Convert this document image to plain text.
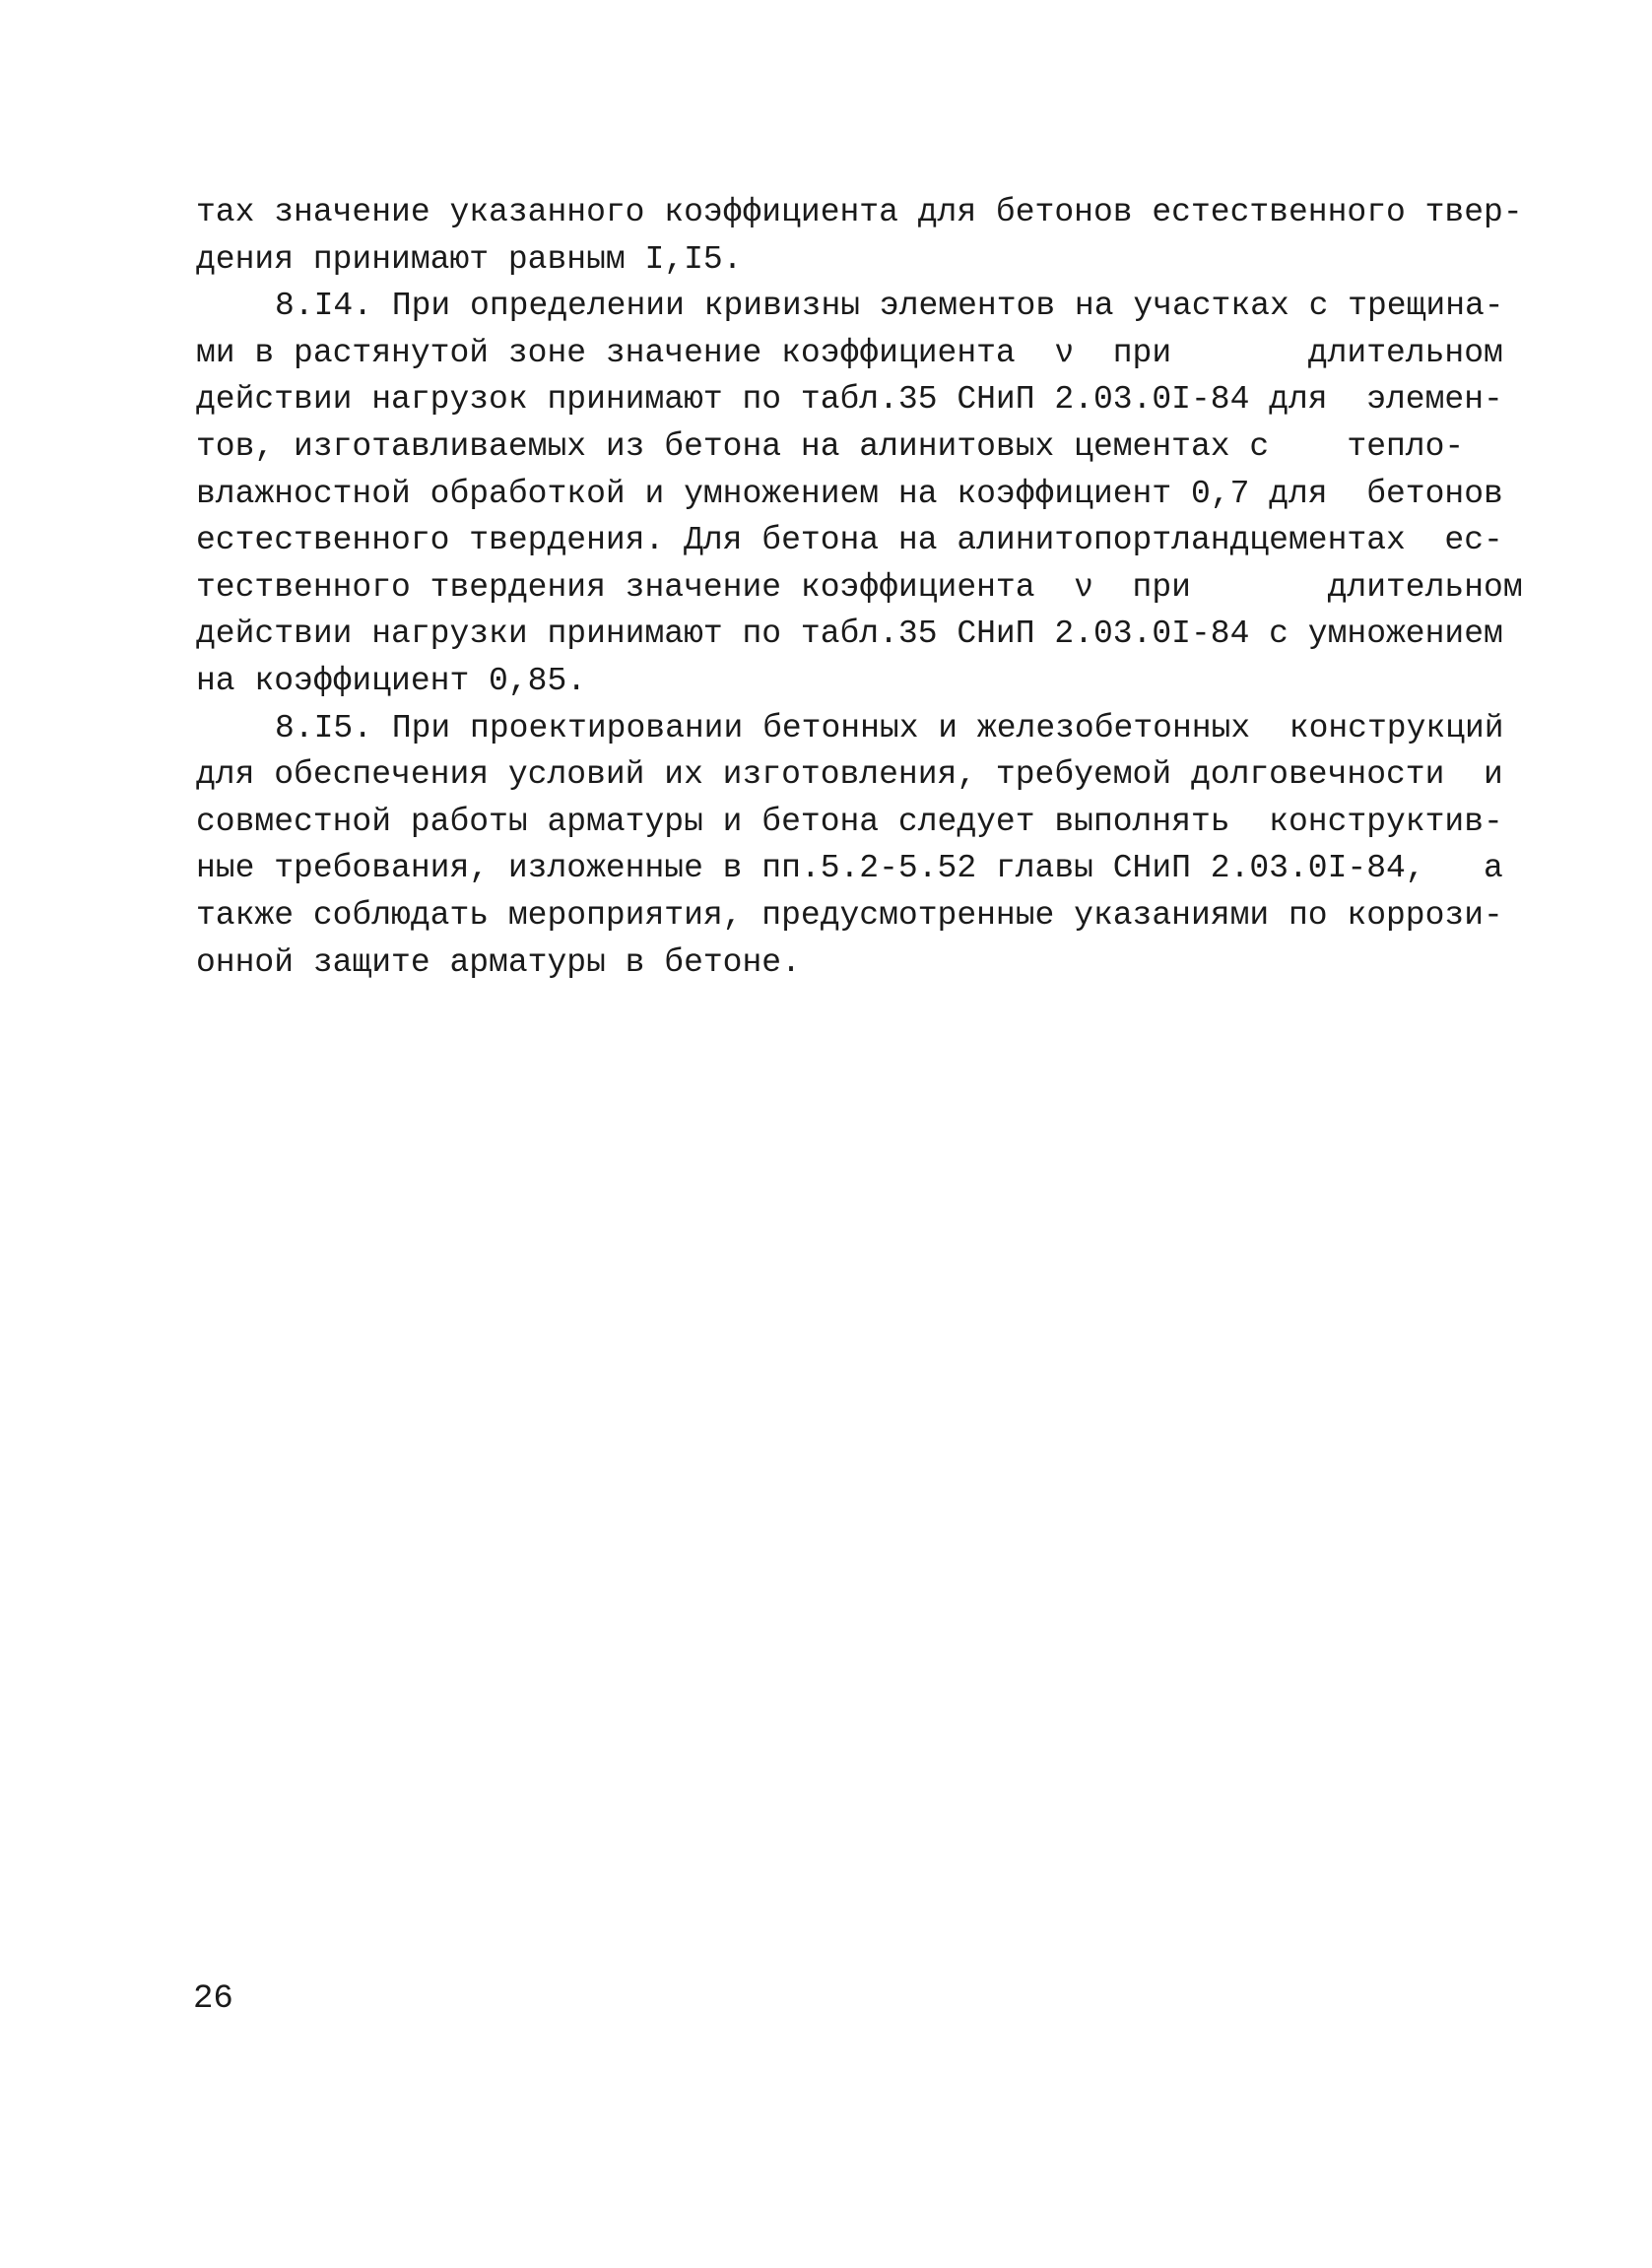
тах значение указанного коэффициента для бетонов естественного твер-
дения принимают равным I,I5.
8.I4. При определении кривизны элементов на участках с трещина-
ми в растянутой зоне значение коэффициента  ν  при       длительном
действии нагрузок принимают по табл.35 СНиП 2.03.0I-84 для  элемен-
тов, изготавливаемых из бетона на алинитовых цементах с    тепло-
влажностной обработкой и умножением на коэффициент 0,7 для  бетонов
естественного твердения. Для бетона на алинитопортландцементах  ес-
тественного твердения значение коэффициента  ν  при       длительном
действии нагрузки принимают по табл.35 СНиП 2.03.0I-84 с умножением
на коэффициент 0,85.
8.I5. При проектировании бетонных и железобетонных  конструкций
для обеспечения условий их изготовления, требуемой долговечности  и
совместной работы арматуры и бетона следует выполнять  конструктив-
ные требования, изложенные в пп.5.2-5.52 главы СНиП 2.03.0I-84,   а
также соблюдать мероприятия, предусмотренные указаниями по коррози-
онной защите арматуры в бетоне.
26
